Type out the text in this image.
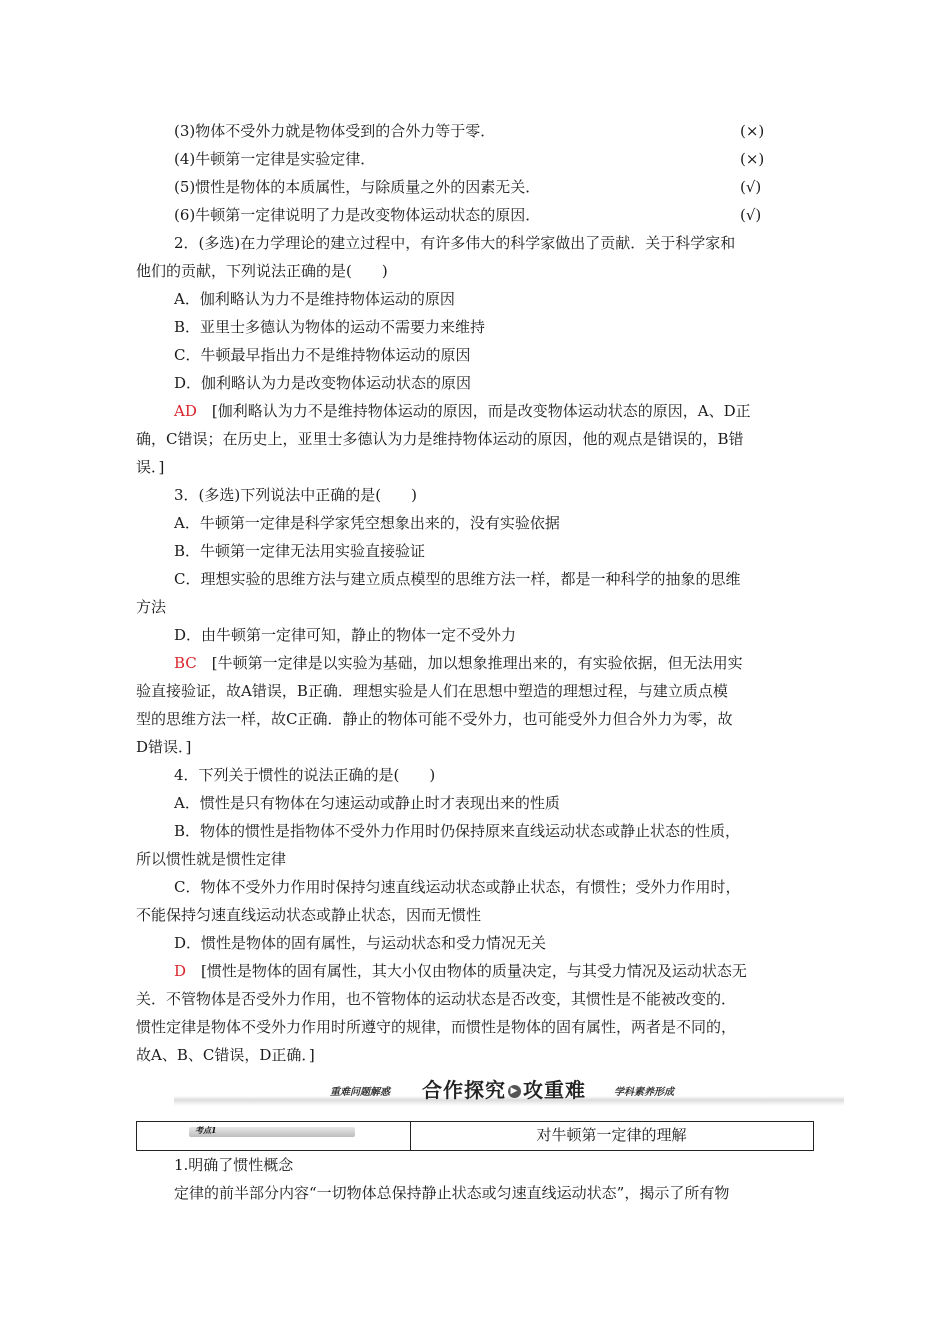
(3)物体不受外力就是物体受到的合外力等于零．	(×)
(4)牛顿第一定律是实验定律．	(×)
(5)惯性是物体的本质属性，与除质量之外的因素无关．	(√)
(6)牛顿第一定律说明了力是改变物体运动状态的原因．	(√)
2．(多选)在力学理论的建立过程中，有许多伟大的科学家做出了贡献．关于科学家和
他们的贡献，下列说法正确的是(　　)
A．伽利略认为力不是维持物体运动的原因
B．亚里士多德认为物体的运动不需要力来维持
C．牛顿最早指出力不是维持物体运动的原因
D．伽利略认为力是改变物体运动状态的原因
AD　 [伽利略认为力不是维持物体运动的原因，而是改变物体运动状态的原因，A、D正
确，C错误；在历史上，亚里士多德认为力是维持物体运动的原因，他的观点是错误的，B错
误．]
3．(多选)下列说法中正确的是(　　)
A．牛顿第一定律是科学家凭空想象出来的，没有实验依据
B．牛顿第一定律无法用实验直接验证
C．理想实验的思维方法与建立质点模型的思维方法一样，都是一种科学的抽象的思维
方法
D．由牛顿第一定律可知，静止的物体一定不受外力
BC　 [牛顿第一定律是以实验为基础，加以想象推理出来的，有实验依据，但无法用实
验直接验证，故A错误，B正确．理想实验是人们在思想中塑造的理想过程，与建立质点模
型的思维方法一样，故C正确．静止的物体可能不受外力，也可能受外力但合外力为零，故
D错误．]
4．下列关于惯性的说法正确的是(　　)
A．惯性是只有物体在匀速运动或静止时才表现出来的性质
B．物体的惯性是指物体不受外力作用时仍保持原来直线运动状态或静止状态的性质，
所以惯性就是惯性定律
C．物体不受外力作用时保持匀速直线运动状态或静止状态，有惯性；受外力作用时，
不能保持匀速直线运动状态或静止状态，因而无惯性
D．惯性是物体的固有属性，与运动状态和受力情况无关
D　 [惯性是物体的固有属性，其大小仅由物体的质量决定，与其受力情况及运动状态无
关．不管物体是否受外力作用，也不管物体的运动状态是否改变，其惯性是不能被改变的．
惯性定律是物体不受外力作用时所遵守的规律，而惯性是物体的固有属性，两者是不同的，
故A、B、C错误，D正确．]
重难问题解惑 合作探究 ▶ 攻重难	学科素养形成
考点1	对牛顿第一定律的理解
1.明确了惯性概念
定律的前半部分内容“一切物体总保持静止状态或匀速直线运动状态”，揭示了所有物
